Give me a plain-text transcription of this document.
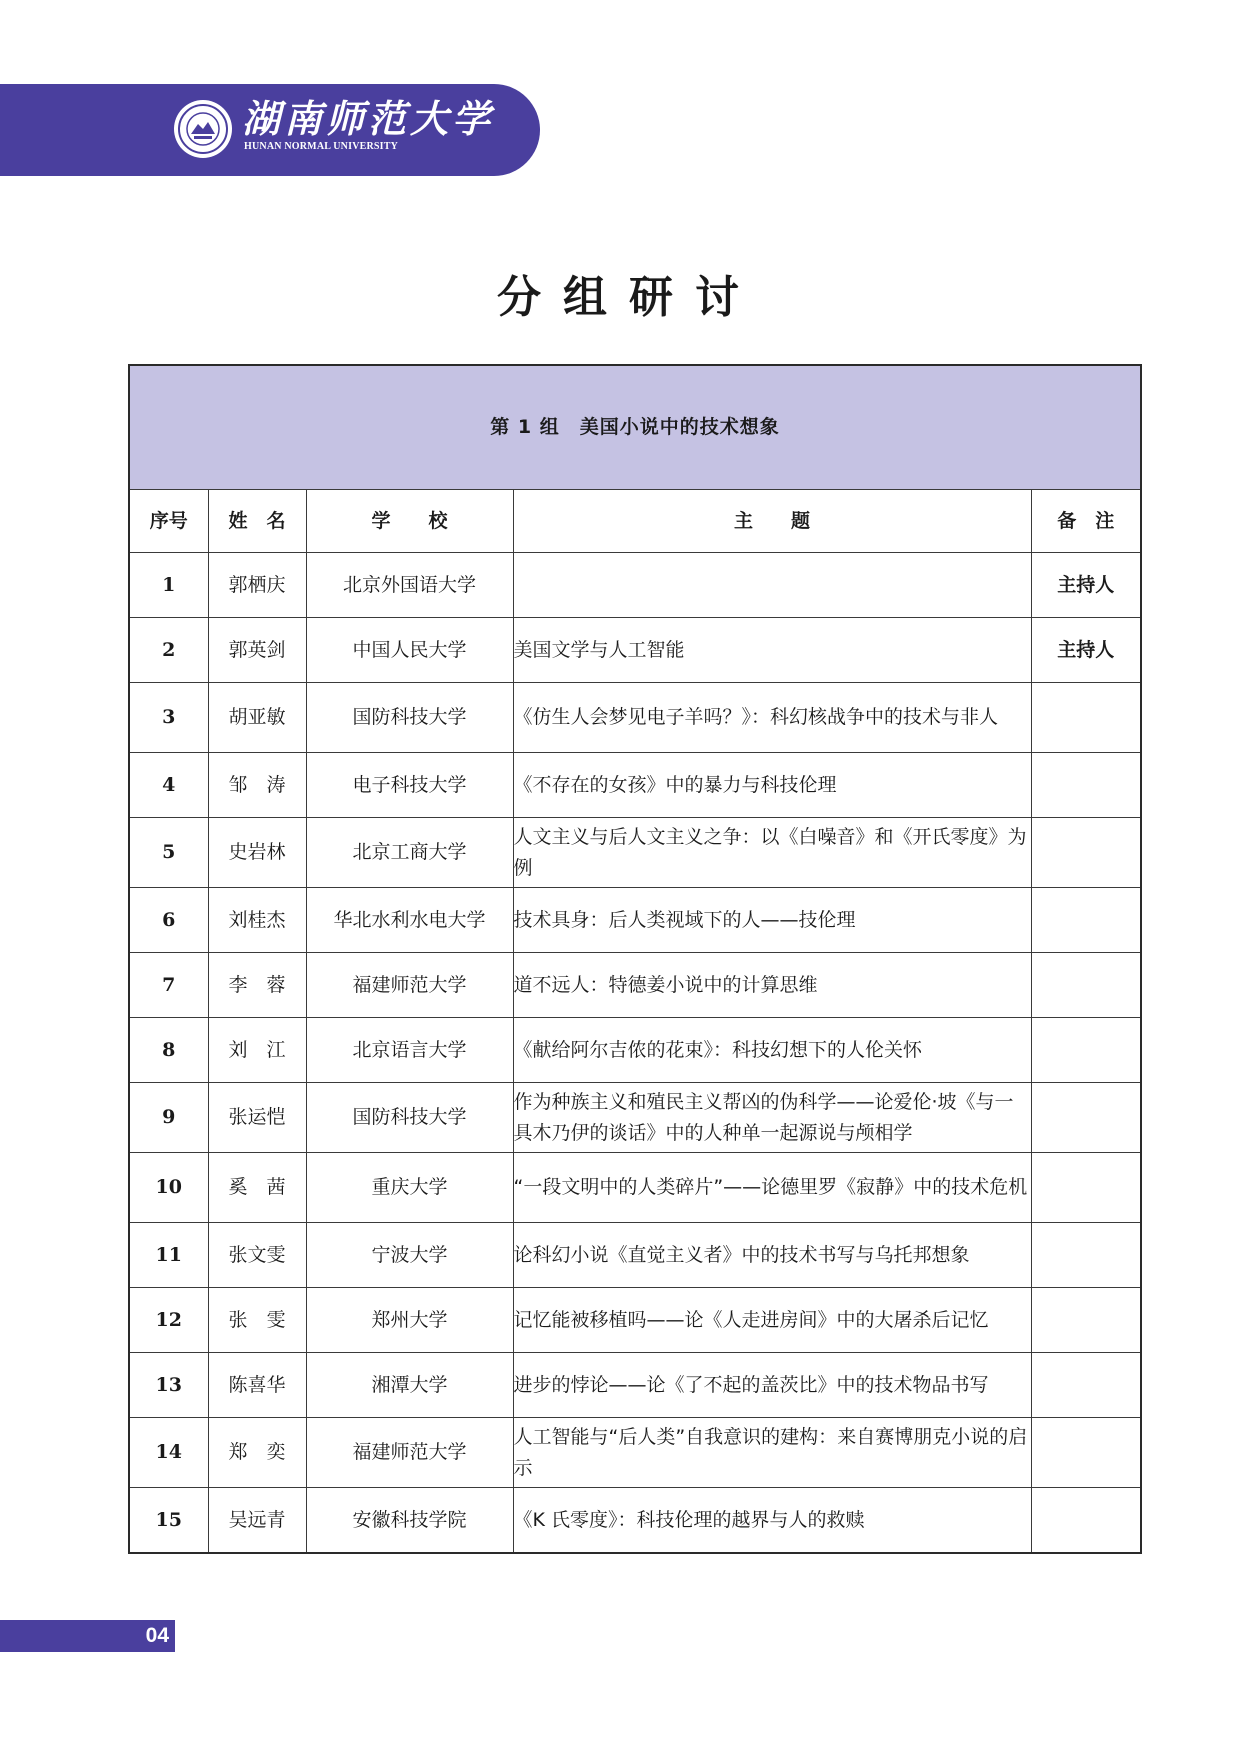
湖南师范大学
HUNAN NORMAL UNIVERSITY
分组研讨
第 1 组　美国小说中的技术想象				
序号	姓　名	学　　校	主　　题	备　注
1	郭栖庆	北京外国语大学		主持人
2	郭英剑	中国人民大学	美国文学与人工智能	主持人
3	胡亚敏	国防科技大学	《仿生人会梦见电子羊吗？》：科幻核战争中的技术与非人	
4	邹　涛	电子科技大学	《不存在的女孩》中的暴力与科技伦理	
5	史岩林	北京工商大学	人文主义与后人文主义之争：以《白噪音》和《开氏零度》为例	
6	刘桂杰	华北水利水电大学	技术具身：后人类视域下的人——技伦理	
7	李　蓉	福建师范大学	道不远人：特德姜小说中的计算思维	
8	刘　江	北京语言大学	《献给阿尔吉侬的花束》：科技幻想下的人伦关怀	
9	张运恺	国防科技大学	作为种族主义和殖民主义帮凶的伪科学——论爱伦·坡《与一具木乃伊的谈话》中的人种单一起源说与颅相学	
10	奚　茜	重庆大学	“一段文明中的人类碎片”——论德里罗《寂静》中的技术危机	
11	张文雯	宁波大学	论科幻小说《直觉主义者》中的技术书写与乌托邦想象	
12	张　雯	郑州大学	记忆能被移植吗——论《人走进房间》中的大屠杀后记忆	
13	陈喜华	湘潭大学	进步的悖论——论《了不起的盖茨比》中的技术物品书写	
14	郑　奕	福建师范大学	人工智能与“后人类”自我意识的建构：来自赛博朋克小说的启示	
15	吴远青	安徽科技学院	《K 氏零度》：科技伦理的越界与人的救赎	
04
